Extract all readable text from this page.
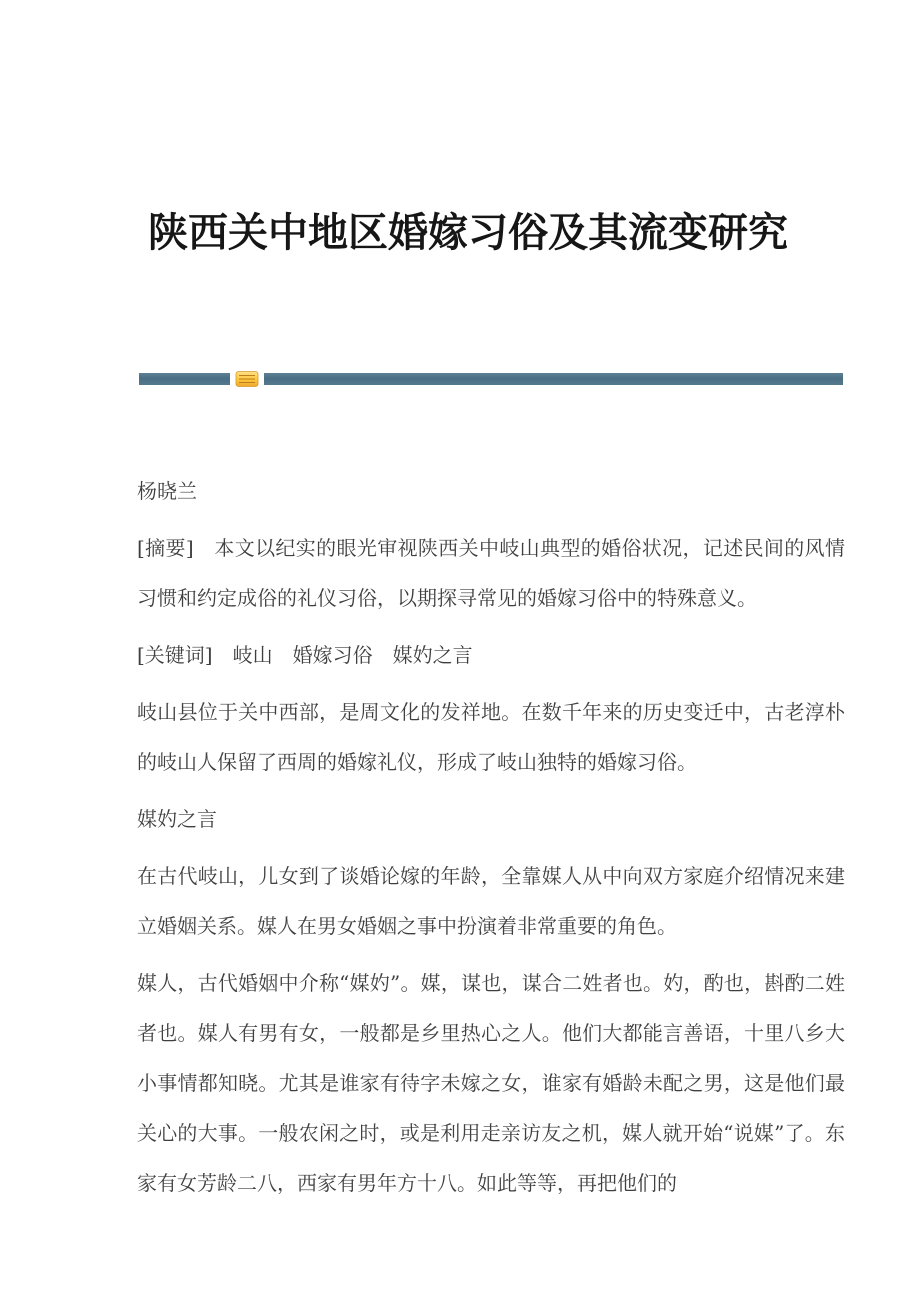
陕西关中地区婚嫁习俗及其流变研究

杨晓兰

[摘要]　本文以纪实的眼光审视陕西关中岐山典型的婚俗状况，记述民间的风情习惯和约定成俗的礼仪习俗，以期探寻常见的婚嫁习俗中的特殊意义。

[关键词]　岐山　婚嫁习俗　媒妁之言

岐山县位于关中西部，是周文化的发祥地。在数千年来的历史变迁中，古老淳朴的岐山人保留了西周的婚嫁礼仪，形成了岐山独特的婚嫁习俗。

媒妁之言

在古代岐山，儿女到了谈婚论嫁的年龄，全靠媒人从中向双方家庭介绍情况来建立婚姻关系。媒人在男女婚姻之事中扮演着非常重要的角色。

媒人，古代婚姻中介称“媒妁”。媒，谋也，谋合二姓者也。妁，酌也，斟酌二姓者也。媒人有男有女，一般都是乡里热心之人。他们大都能言善语，十里八乡大小事情都知晓。尤其是谁家有待字未嫁之女，谁家有婚龄未配之男，这是他们最关心的大事。一般农闲之时，或是利用走亲访友之机，媒人就开始“说媒”了。东家有女芳龄二八，西家有男年方十八。如此等等，再把他们的
